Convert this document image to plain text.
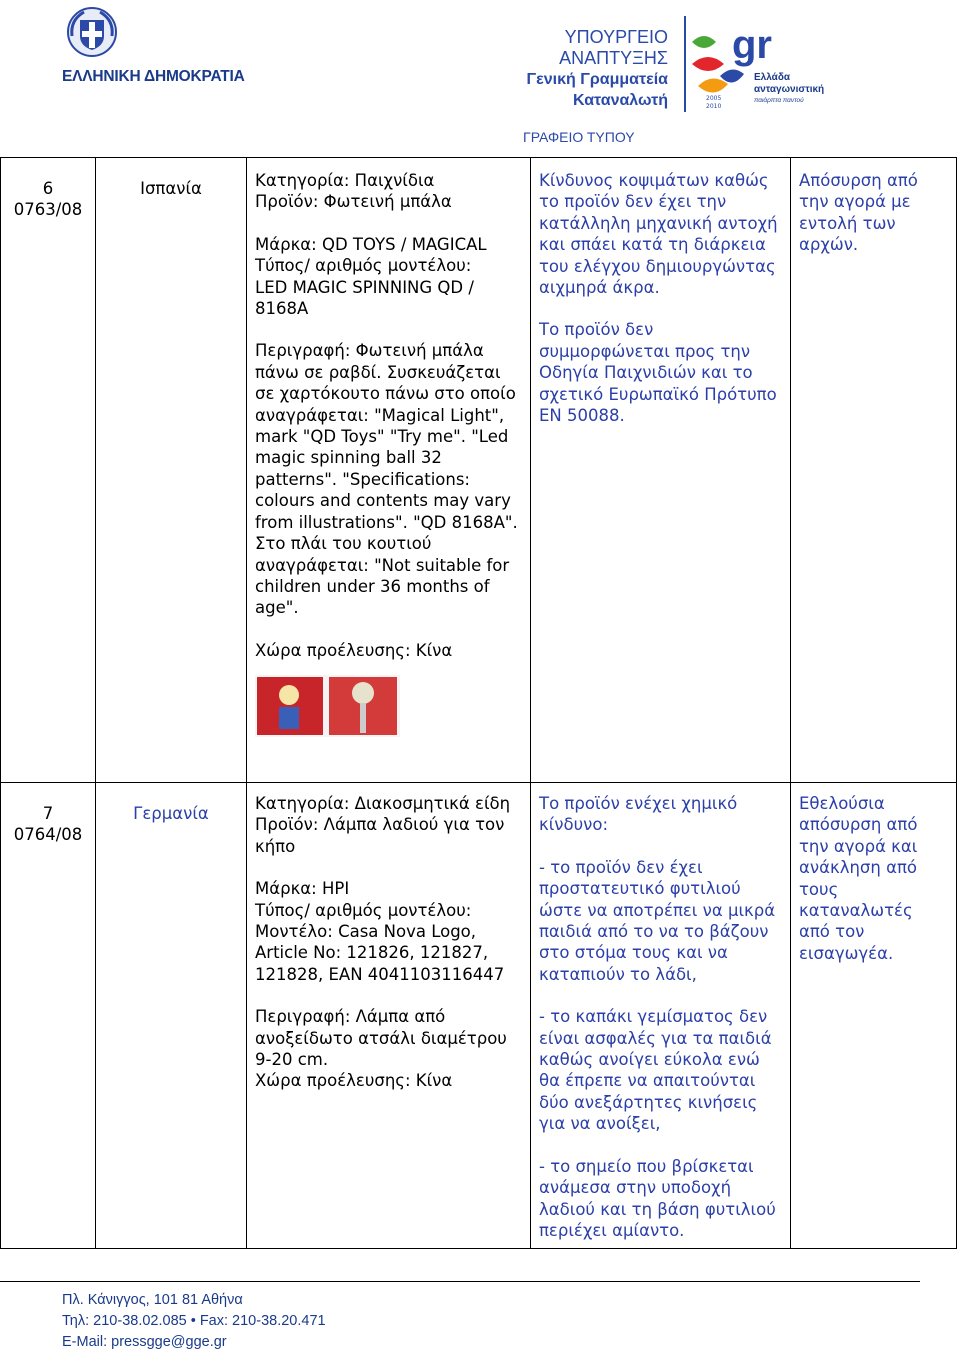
ΕΛΛΗΝΙΚΗ ΔΗΜΟΚΡΑΤΙΑ
ΥΠΟΥΡΓΕΙΟ
ΑΝΑΠΤΥΞΗΣ
Γενική Γραμματεία
Καταναλωτή	2005
2010
gr
Ελλάδα
ανταγωνιστική
παιάρπτα παντού
ΓΡΑΦΕΙΟ ΤΥΠΟΥ

6

0763/08

Ισπανία	Κατηγορία: Παιχνίδια

Προϊόν: Φωτεινή μπάλα

Μάρκα: QD TOYS / MAGICAL

Τύπος/ αριθμός μοντέλου:

LED MAGIC SPINNING QD / 8168A

Περιγραφή: Φωτεινή μπάλα πάνω σε ραβδί. Συσκευάζεται σε χαρτόκουτο πάνω στο οποίο αναγράφεται: "Magical Light", mark "QD Toys" "Try me". "Led magic spinning ball 32 patterns". "Specifications: colours and contents may vary from illustrations". "QD 8168A". Στο πλάι του κουτιού αναγράφεται: "Not suitable for children under 36 months of age".

Χώρα προέλευσης: Κίνα

Κίνδυνος κοψιμάτων καθώς το προϊόν δεν έχει την κατάλληλη μηχανική αντοχή και σπάει κατά τη διάρκεια του ελέγχου δημιουργώντας αιχμηρά άκρα.

Το προϊόν δεν συμμορφώνεται προς την Οδηγία Παιχνιδιών και το σχετικό Ευρωπαϊκό Πρότυπο EN 50088.

Απόσυρση από την αγορά με εντολή των αρχών.

7

0764/08

Γερμανία

Κατηγορία: Διακοσμητικά είδη

Προϊόν: Λάμπα λαδιού για τον κήπο

Μάρκα: HPI

Τύπος/ αριθμός μοντέλου:

Μοντέλο: Casa Nova Logo, Article No: 121826, 121827, 121828, EAN 4041103116447

Περιγραφή: Λάμπα από ανοξείδωτο ατσάλι διαμέτρου 9-20 cm.

Χώρα προέλευσης: Κίνα

Το προϊόν ενέχει χημικό κίνδυνο:

- το προϊόν δεν έχει προστατευτικό φυτιλιού ώστε να αποτρέπει να μικρά παιδιά από το να το βάζουν στο στόμα τους και να καταπιούν το λάδι,

- το καπάκι γεμίσματος δεν είναι ασφαλές για τα παιδιά καθώς ανοίγει εύκολα ενώ θα έπρεπε να απαιτούνται δύο ανεξάρτητες κινήσεις για να ανοίξει,

- το σημείο που βρίσκεται ανάμεσα στην υποδοχή λαδιού και τη βάση φυτιλιού περιέχει αμίαντο.

Εθελούσια απόσυρση από την αγορά και ανάκληση από τους καταναλωτές από τον εισαγωγέα.

Πλ. Κάνιγγος, 101 81 Αθήνα
Τηλ: 210-38.02.085 • Fax: 210-38.20.471
E-Mail: pressgge@gge.gr
